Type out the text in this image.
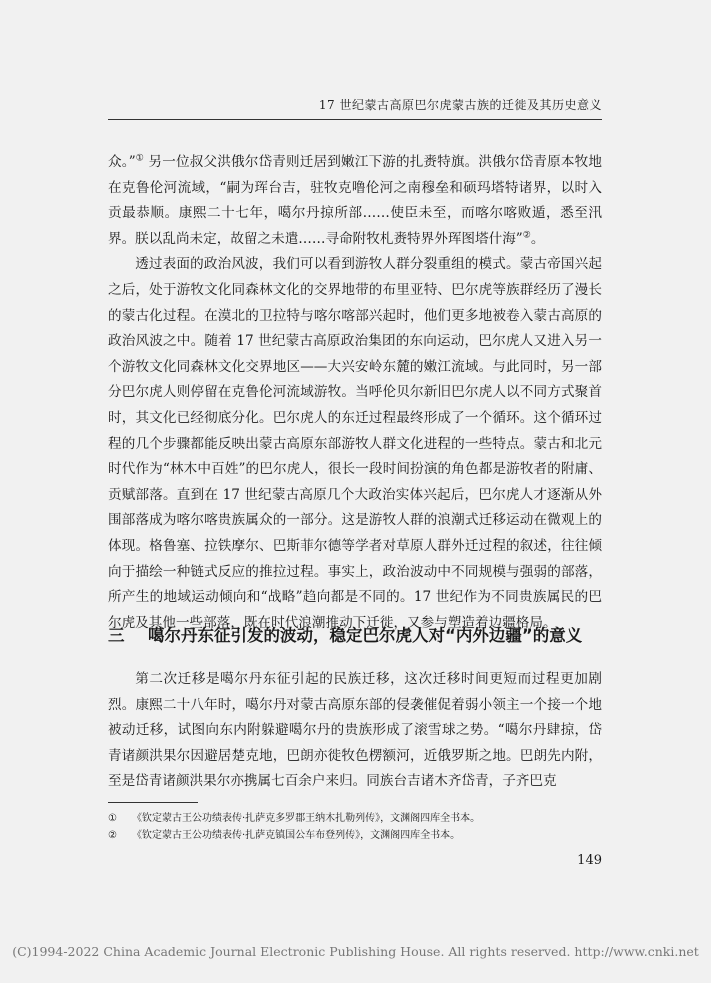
17 世纪蒙古高原巴尔虎蒙古族的迁徙及其历史意义

众。”① 另一位叔父洪俄尔岱青则迁居到嫩江下游的扎赉特旗。洪俄尔岱青原本牧地在克鲁伦河流域，“嗣为珲台吉，驻牧克噜伦河之南穆垒和硕玛塔特诸界，以时入贡最恭顺。康熙二十七年，噶尔丹掠所部……使臣未至，而喀尔喀败遁，悉至汛界。朕以乱尚未定，故留之未遣……寻命附牧札赉特界外珲图塔什海”②。

透过表面的政治风波，我们可以看到游牧人群分裂重组的模式。蒙古帝国兴起之后，处于游牧文化同森林文化的交界地带的布里亚特、巴尔虎等族群经历了漫长的蒙古化过程。在漠北的卫拉特与喀尔喀部兴起时，他们更多地被卷入蒙古高原的政治风波之中。随着 17 世纪蒙古高原政治集团的东向运动，巴尔虎人又进入另一个游牧文化同森林文化交界地区——大兴安岭东麓的嫩江流域。与此同时，另一部分巴尔虎人则停留在克鲁伦河流域游牧。当呼伦贝尔新旧巴尔虎人以不同方式聚首时，其文化已经彻底分化。巴尔虎人的东迁过程最终形成了一个循环。这个循环过程的几个步骤都能反映出蒙古高原东部游牧人群文化进程的一些特点。蒙古和北元时代作为“林木中百姓”的巴尔虎人，很长一段时间扮演的角色都是游牧者的附庸、贡赋部落。直到在 17 世纪蒙古高原几个大政治实体兴起后，巴尔虎人才逐渐从外围部落成为喀尔喀贵族属众的一部分。这是游牧人群的浪潮式迁移运动在微观上的体现。格鲁塞、拉铁摩尔、巴斯菲尔德等学者对草原人群外迁过程的叙述，往往倾向于描绘一种链式反应的推拉过程。事实上，政治波动中不同规模与强弱的部落，所产生的地域运动倾向和“战略”趋向都是不同的。17 世纪作为不同贵族属民的巴尔虎及其他一些部落，既在时代浪潮推动下迁徙，又参与塑造着边疆格局。

三 噶尔丹东征引发的波动，稳定巴尔虎人对“内外边疆”的意义

第二次迁移是噶尔丹东征引起的民族迁移，这次迁移时间更短而过程更加剧烈。康熙二十八年时，噶尔丹对蒙古高原东部的侵袭催促着弱小领主一个接一个地被动迁移，试图向东内附躲避噶尔丹的贵族形成了滚雪球之势。“噶尔丹肆掠，岱青诸颜洪果尔因避居楚克地，巴朗亦徙牧色楞额河，近俄罗斯之地。巴朗先内附，至是岱青诸颜洪果尔亦携属七百余户来归。同族台吉诸木齐岱青，子齐巴克

① 《钦定蒙古王公功绩表传·扎萨克多罗郡王纳木扎勒列传》，文渊阁四库全书本。

② 《钦定蒙古王公功绩表传·扎萨克镇国公车布登列传》，文渊阁四库全书本。

149
(C)1994-2022 China Academic Journal Electronic Publishing House. All rights reserved. http://www.cnki.net
